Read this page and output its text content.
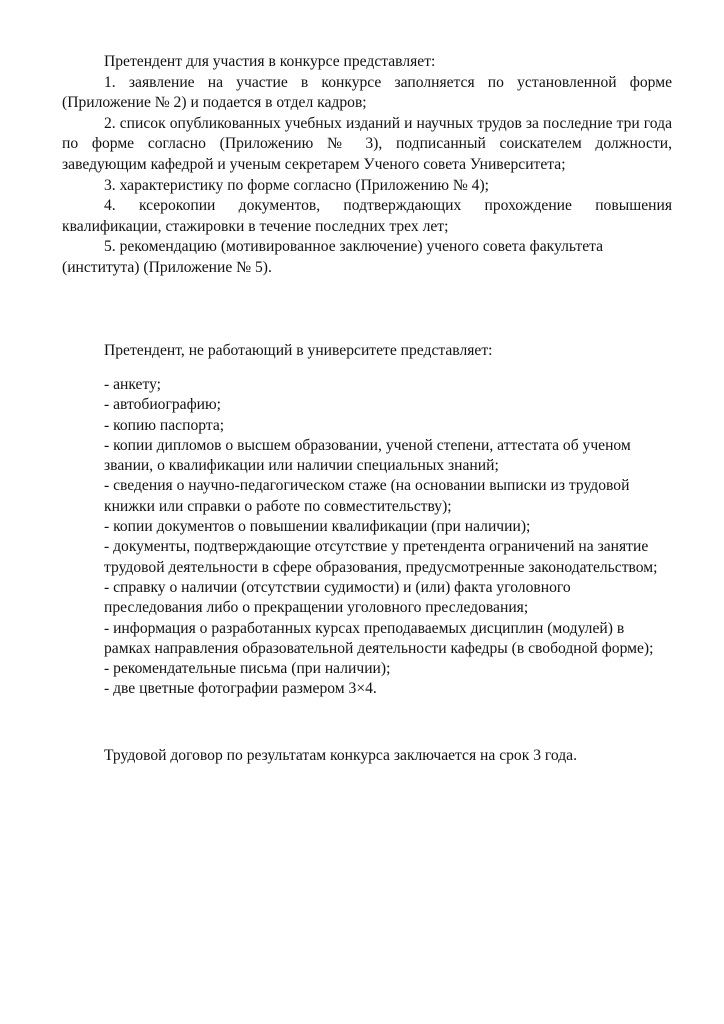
Претендент для участия в конкурсе представляет:

1. заявление на участие в конкурсе заполняется по установленной форме (Приложение № 2) и подается в отдел кадров;

2. список опубликованных учебных изданий и научных трудов за последние три года по форме согласно (Приложению № 3), подписанный соискателем должности, заведующим кафедрой и ученым секретарем Ученого совета Университета;

3. характеристику по форме согласно (Приложению № 4);

4. ксерокопии документов, подтверждающих прохождение повышения квалификации, стажировки в течение последних трех лет;

5. рекомендацию (мотивированное заключение) ученого совета факультета (института) (Приложение № 5).

Претендент, не работающий в университете представляет:

- анкету;
- автобиографию;
- копию паспорта;
- копии дипломов о высшем образовании, ученой степени, аттестата об ученом звании, о квалификации или наличии специальных знаний;
- сведения о научно-педагогическом стаже (на основании выписки из трудовой книжки или справки о работе по совместительству);
- копии документов о повышении квалификации (при наличии);
- документы, подтверждающие отсутствие у претендента ограничений на занятие трудовой деятельности в сфере образования, предусмотренные законодательством;
- справку о наличии (отсутствии судимости) и (или) факта уголовного преследования либо о прекращении уголовного преследования;
- информация о разработанных курсах преподаваемых дисциплин (модулей) в рамках направления образовательной деятельности кафедры (в свободной форме);
- рекомендательные письма (при наличии);
- две цветные фотографии размером 3×4.

Трудовой договор по результатам конкурса заключается на срок 3 года.
